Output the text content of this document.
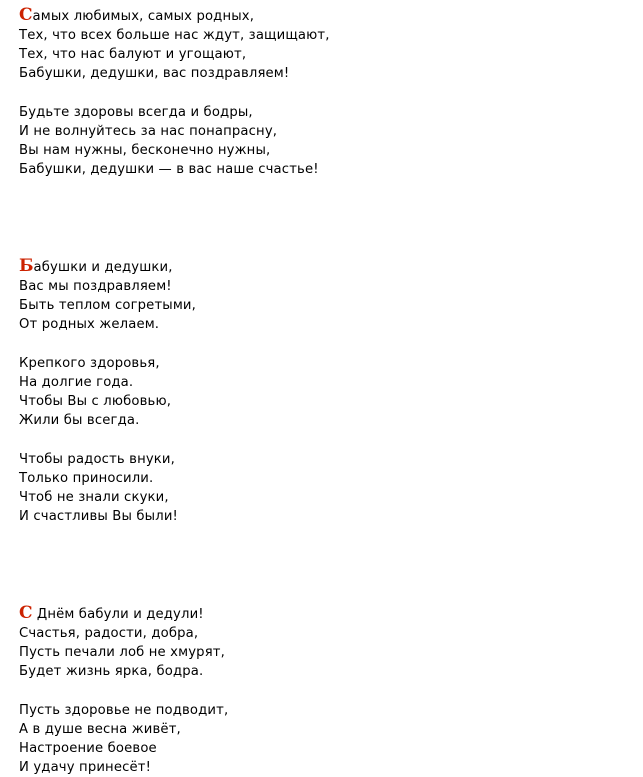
Самых любимых, самых родных,
Тех, что всех больше нас ждут, защищают,
Тех, что нас балуют и угощают,
Бабушки, дедушки, вас поздравляем!
Будьте здоровы всегда и бодры,
И не волнуйтесь за нас понапрасну,
Вы нам нужны, бесконечно нужны,
Бабушки, дедушки — в вас наше счастье!
Бабушки и дедушки,
Вас мы поздравляем!
Быть теплом согретыми,
От родных желаем.
Крепкого здоровья,
На долгие года.
Чтобы Вы с любовью,
Жили бы всегда.
Чтобы радость внуки,
Только приносили.
Чтоб не знали скуки,
И счастливы Вы были!
С Днём бабули и дедули!
Счастья, радости, добра,
Пусть печали лоб не хмурят,
Будет жизнь ярка, бодра.
Пусть здоровье не подводит,
А в душе весна живёт,
Настроение боевое
И удачу принесёт!
